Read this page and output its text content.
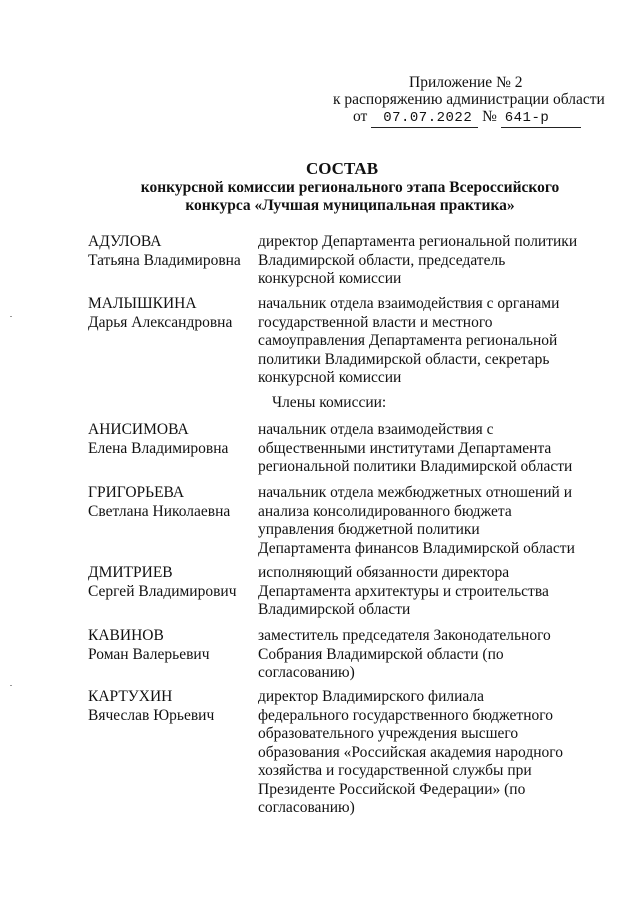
Приложение № 2
к распоряжению администрации области
от 07.07.2022 № 641-р
СОСТАВ
конкурсной комиссии регионального этапа Всероссийского
конкурса «Лучшая муниципальная практика»
АДУЛОВА
Татьяна Владимировна
директор Департамента региональной политики
Владимирской области, председатель
конкурсной комиссии
МАЛЫШКИНА
Дарья Александровна
начальник отдела взаимодействия с органами
государственной власти и местного
самоуправления Департамента региональной
политики Владимирской области, секретарь
конкурсной комиссии
Члены комиссии:
АНИСИМОВА
Елена Владимировна
начальник отдела взаимодействия с
общественными институтами Департамента
региональной политики Владимирской области
ГРИГОРЬЕВА
Светлана Николаевна
начальник отдела межбюджетных отношений и
анализа консолидированного бюджета
управления бюджетной политики
Департамента финансов Владимирской области
ДМИТРИЕВ
Сергей Владимирович
исполняющий обязанности директора
Департамента архитектуры и строительства
Владимирской области
КАВИНОВ
Роман Валерьевич
заместитель председателя Законодательного
Собрания Владимирской области (по
согласованию)
КАРТУХИН
Вячеслав Юрьевич
директор Владимирского филиала
федерального государственного бюджетного
образовательного учреждения высшего
образования «Российская академия народного
хозяйства и государственной службы при
Президенте Российской Федерации» (по
согласованию)
